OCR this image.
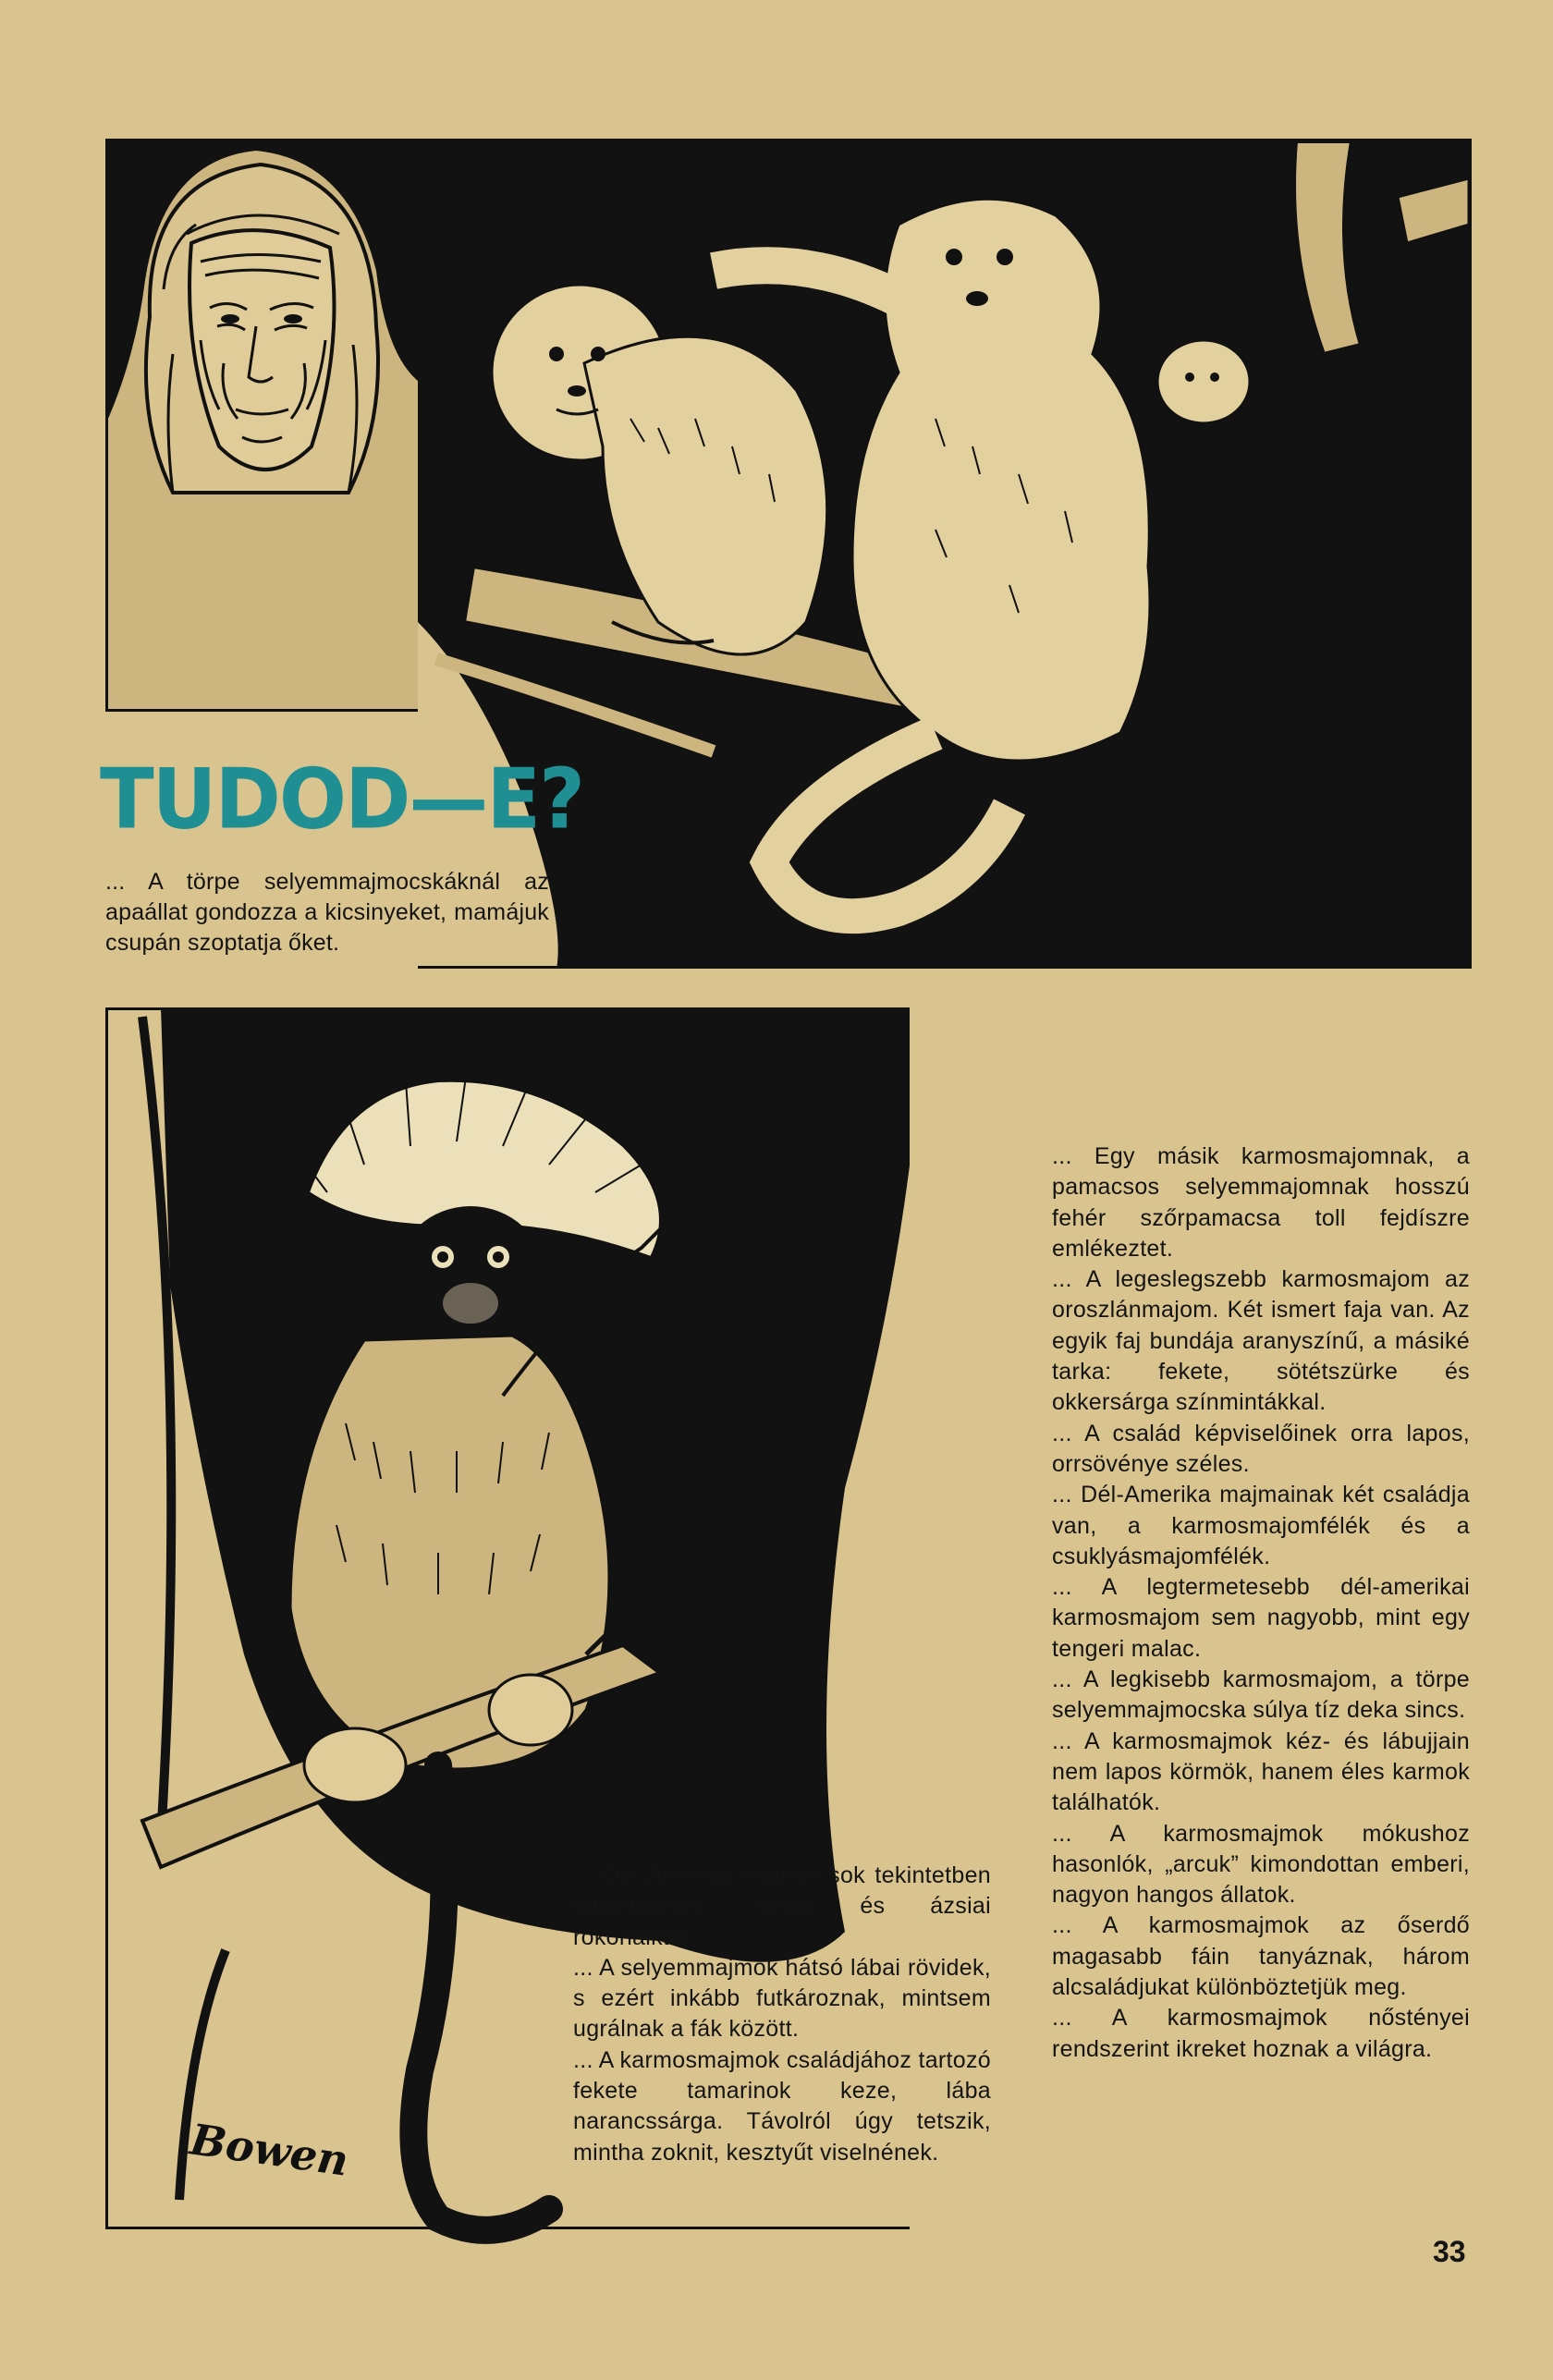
Bowen
TUDOD—E?
... A törpe selyemmajmocskáknál az apaállat gondozza a kicsinyeket, mamájuk csupán szoptatja őket.
Bowen

... Dél-Amerika majmai sok tekintetben különböznek afrikai és ázsiai rokonaiktól.

... A selyemmajmok hátsó lábai rövidek, s ezért inkább futkároznak, mintsem ugrálnak a fák között.

... A karmosmajmok családjához tartozó fekete tamarinok keze, lába narancssárga. Távolról úgy tetszik, mintha zoknit, kesztyűt viselnének.

... Egy másik karmosmajomnak, a pamacsos selyemmajomnak hosszú fehér szőrpamacsa toll fejdíszre emlékeztet.

... A legeslegszebb karmosmajom az oroszlánmajom. Két ismert faja van. Az egyik faj bundája aranyszínű, a másiké tarka: fekete, sötétszürke és okkersárga színmintákkal.

... A család képviselőinek orra lapos, orrsövénye széles.

... Dél-Amerika majmainak két családja van, a karmosmajomfélék és a csuklyásmajomfélék.

... A legtermetesebb dél-amerikai karmosmajom sem nagyobb, mint egy tengeri malac.

... A legkisebb karmosmajom, a törpe selyemmajmocska súlya tíz deka sincs.

... A karmosmajmok kéz- és lábujjain nem lapos körmök, hanem éles karmok találhatók.

... A karmosmajmok mókushoz hasonlók, „arcuk” kimondottan emberi, nagyon hangos állatok.

... A karmosmajmok az őserdő magasabb fáin tanyáznak, három alcsaládjukat különböztetjük meg.

... A karmosmajmok nőstényei rendszerint ikreket hoznak a világra.

33
